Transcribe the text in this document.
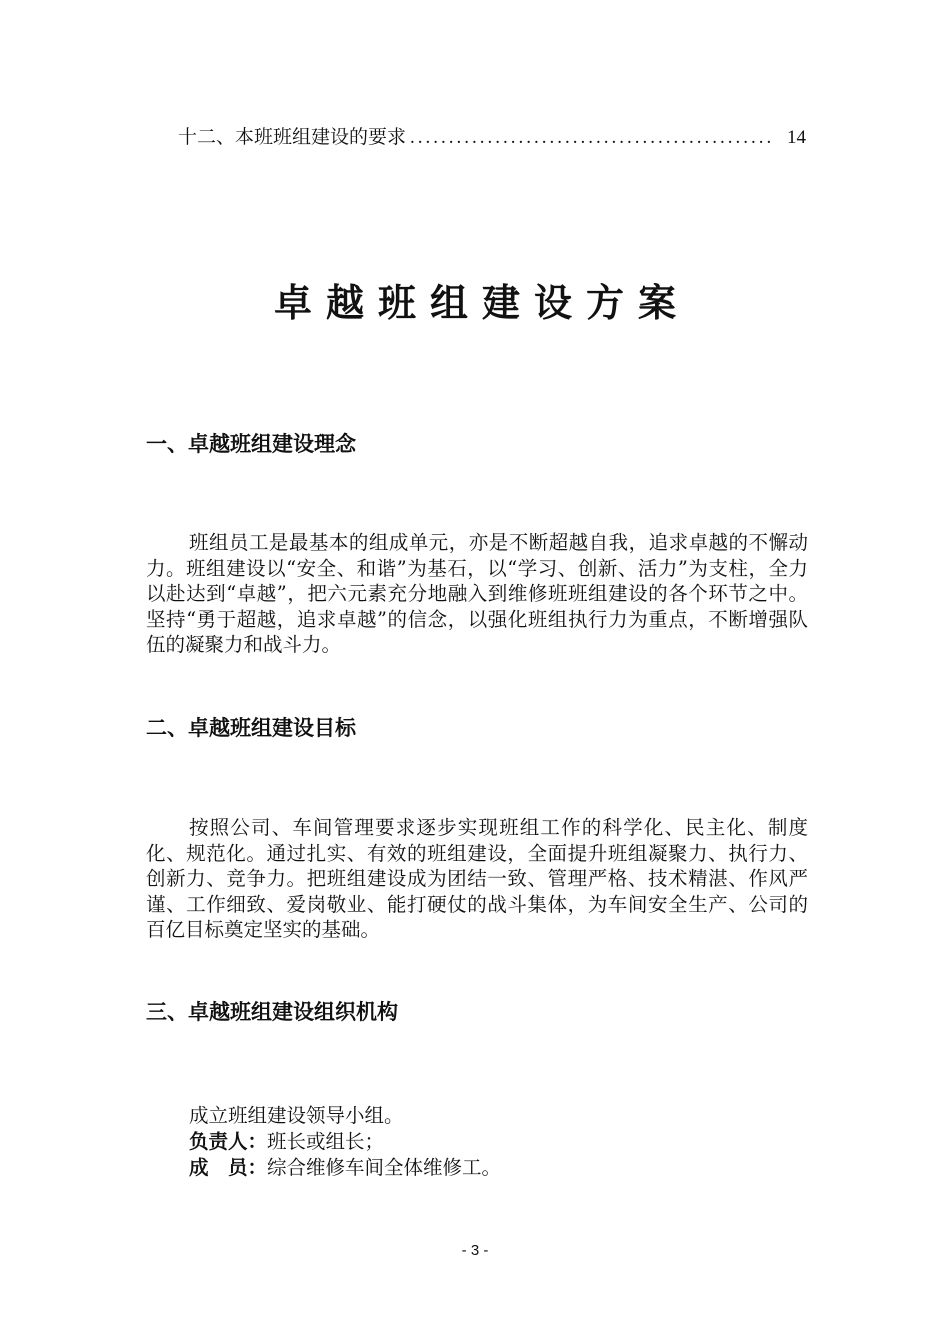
十二、本班班组建设的要求 ............................................... 14
卓越班组建设方案
一、卓越班组建设理念
班组员工是最基本的组成单元，亦是不断超越自我，追求卓越的不懈动力。班组建设以“安全、和谐”为基石，以“学习、创新、活力”为支柱，全力以赴达到“卓越”，把六元素充分地融入到维修班班组建设的各个环节之中。坚持“勇于超越，追求卓越”的信念，以强化班组执行力为重点，不断增强队伍的凝聚力和战斗力。
二、卓越班组建设目标
按照公司、车间管理要求逐步实现班组工作的科学化、民主化、制度化、规范化。通过扎实、有效的班组建设，全面提升班组凝聚力、执行力、创新力、竞争力。把班组建设成为团结一致、管理严格、技术精湛、作风严谨、工作细致、爱岗敬业、能打硬仗的战斗集体，为车间安全生产、公司的百亿目标奠定坚实的基础。
三、卓越班组建设组织机构
成立班组建设领导小组。
负责人：班长或组长；
成　员：综合维修车间全体维修工。
- 3 -
